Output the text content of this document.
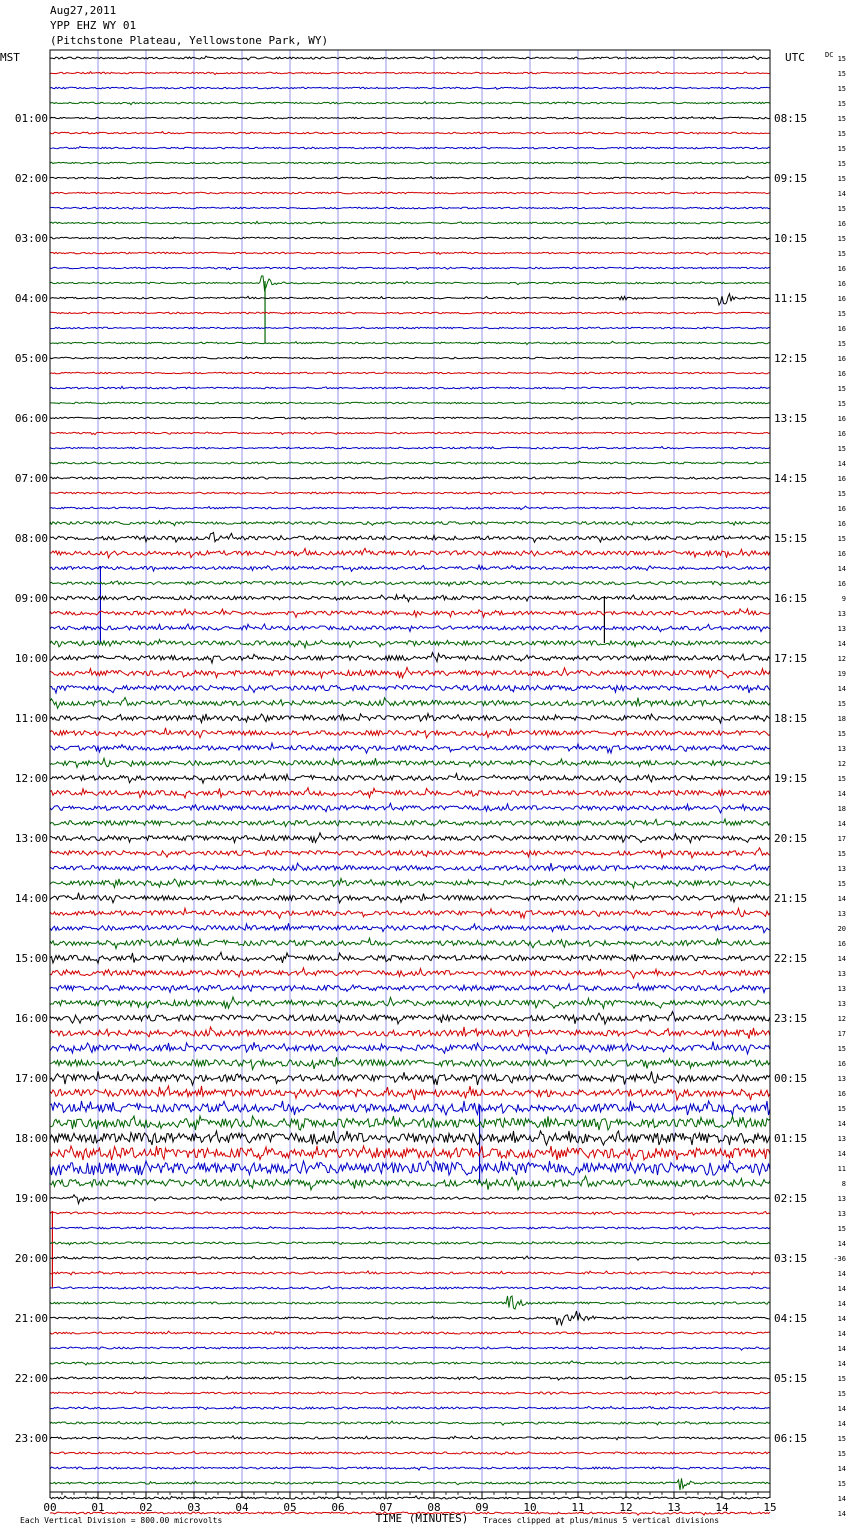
Aug27,2011
YPP EHZ WY 01
(Pitchstone Plateau, Yellowstone Park, WY)
MST	UTC	DC
01:00
02:00
03:00
04:00
05:00
06:00
07:00
08:00
09:00
10:00
11:00
12:00
13:00
14:00
15:00
16:00
17:00
18:00
19:00
20:00
21:00
22:00
23:00
08:15
09:15
10:15
11:15
12:15
13:15
14:15
15:15
16:15
17:15
18:15
19:15
20:15
21:15
22:15
23:15
00:15
01:15
02:15
03:15
04:15
05:15
06:15
15
15
15
15
15
15
15
15
15
14
15
16
15
15
16
16
16
15
16
15
16
16
15
15
16
16
15
14
16
15
16
16
15
16
14
16
9
13
13
14
12
19
14
15
18
15
13
12
15
14
18
14
17
15
13
15
14
13
20
16
14
13
13
13
12
17
15
16
13
16
15
14
13
14
11
8
13
13
15
14
-36
14
14
14
14
14
14
14
15
15
14
14
15
15
14
15
14
14
00	01	02	03	04	05	06	07	08	09	10	11	12	13	14	15
TIME (MINUTES)
Each Vertical Division = 800.00 microvolts	Traces clipped at plus/minus 5 vertical divisions
